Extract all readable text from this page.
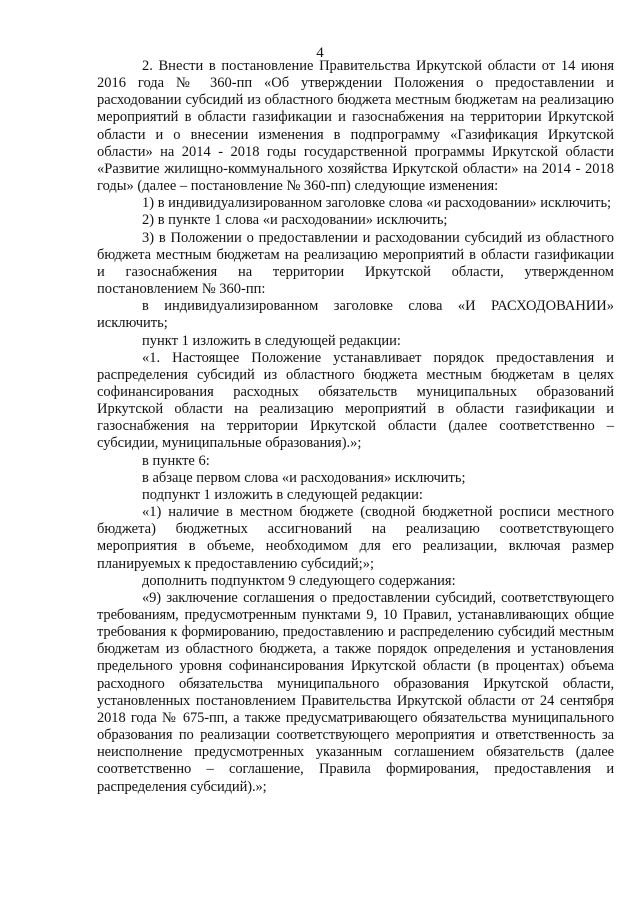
4

2. Внести в постановление Правительства Иркутской области от 14 июня 2016 года № 360-пп «Об утверждении Положения о предоставлении и расходовании субсидий из областного бюджета местным бюджетам на реализацию мероприятий в области газификации и газоснабжения на территории Иркутской области и о внесении изменения в подпрограмму «Газификация Иркутской области» на 2014 - 2018 годы государственной программы Иркутской области «Развитие жилищно-коммунального хозяйства Иркутской области» на 2014 - 2018 годы» (далее – постановление № 360-пп) следующие изменения:

1) в индивидуализированном заголовке слова «и расходовании» исключить;

2) в пункте 1 слова «и расходовании» исключить;

3) в Положении о предоставлении и расходовании субсидий из областного бюджета местным бюджетам на реализацию мероприятий в области газификации и газоснабжения на территории Иркутской области, утвержденном постановлением № 360-пп:

в индивидуализированном заголовке слова «И РАСХОДОВАНИИ» исключить;

пункт 1 изложить в следующей редакции:

«1. Настоящее Положение устанавливает порядок предоставления и распределения субсидий из областного бюджета местным бюджетам в целях софинансирования расходных обязательств муниципальных образований Иркутской области на реализацию мероприятий в области газификации и газоснабжения на территории Иркутской области (далее соответственно – субсидии, муниципальные образования).»;

в пункте 6:

в абзаце первом слова «и расходования» исключить;

подпункт 1 изложить в следующей редакции:

«1) наличие в местном бюджете (сводной бюджетной росписи местного бюджета) бюджетных ассигнований на реализацию соответствующего мероприятия в объеме, необходимом для его реализации, включая размер планируемых к предоставлению субсидий;»;

дополнить подпунктом 9 следующего содержания:

«9) заключение соглашения о предоставлении субсидий, соответствующего требованиям, предусмотренным пунктами 9, 10 Правил, устанавливающих общие требования к формированию, предоставлению и распределению субсидий местным бюджетам из областного бюджета, а также порядок определения и установления предельного уровня софинансирования Иркутской области (в процентах) объема расходного обязательства муниципального образования Иркутской области, установленных постановлением Правительства Иркутской области от 24 сентября 2018 года № 675-пп, а также предусматривающего обязательства муниципального образования по реализации соответствующего мероприятия и ответственность за неисполнение предусмотренных указанным соглашением обязательств (далее соответственно – соглашение, Правила формирования, предоставления и распределения субсидий).»;
